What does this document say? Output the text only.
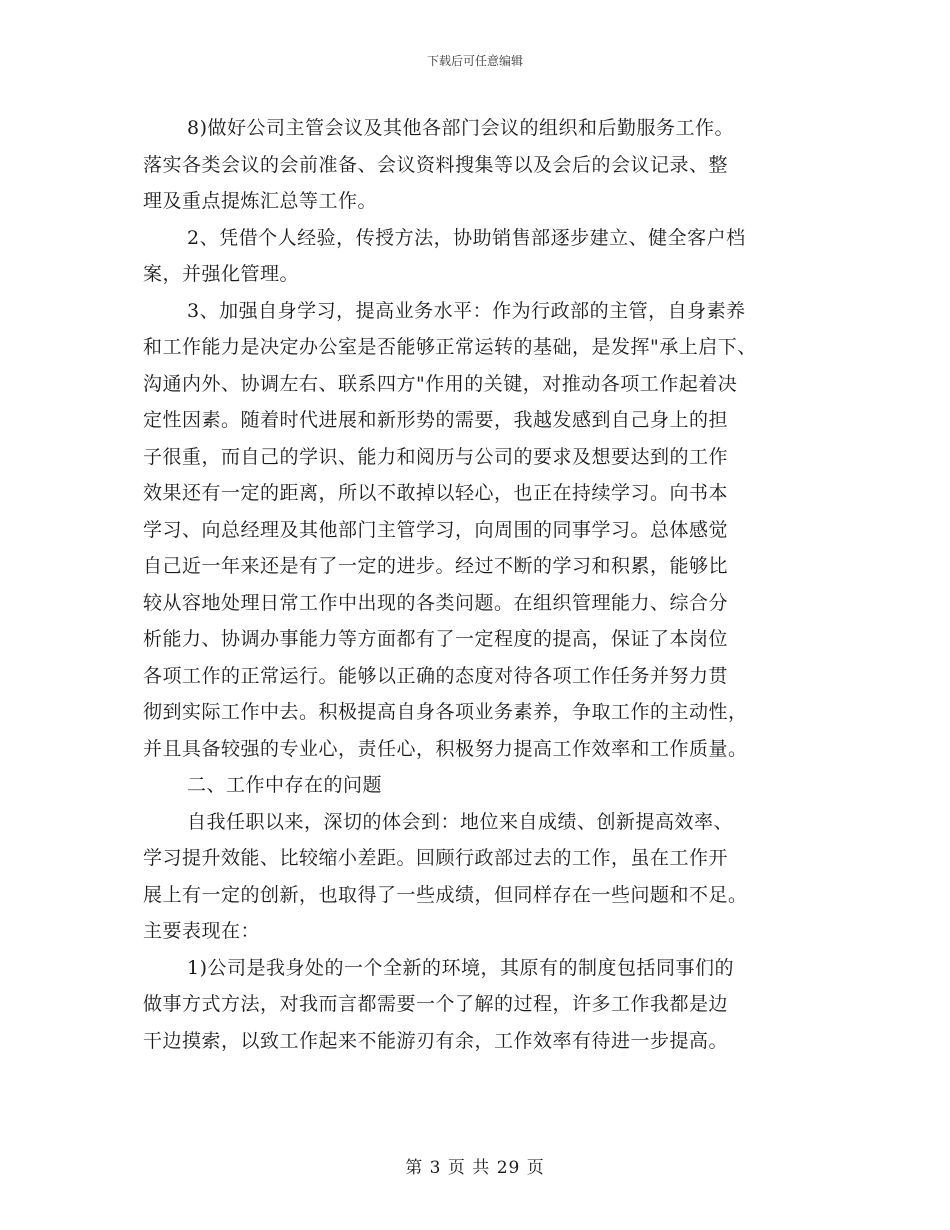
下载后可任意编辑
8)做好公司主管会议及其他各部门会议的组织和后勤服务工作。
落实各类会议的会前准备、会议资料搜集等以及会后的会议记录、整
理及重点提炼汇总等工作。
2、凭借个人经验，传授方法，协助销售部逐步建立、健全客户档
案，并强化管理。
3、加强自身学习，提高业务水平：作为行政部的主管，自身素养
和工作能力是决定办公室是否能够正常运转的基础，是发挥"承上启下、
沟通内外、协调左右、联系四方"作用的关键，对推动各项工作起着决
定性因素。随着时代进展和新形势的需要，我越发感到自己身上的担
子很重，而自己的学识、能力和阅历与公司的要求及想要达到的工作
效果还有一定的距离，所以不敢掉以轻心，也正在持续学习。向书本
学习、向总经理及其他部门主管学习，向周围的同事学习。总体感觉
自己近一年来还是有了一定的进步。经过不断的学习和积累，能够比
较从容地处理日常工作中出现的各类问题。在组织管理能力、综合分
析能力、协调办事能力等方面都有了一定程度的提高，保证了本岗位
各项工作的正常运行。能够以正确的态度对待各项工作任务并努力贯
彻到实际工作中去。积极提高自身各项业务素养，争取工作的主动性，
并且具备较强的专业心，责任心，积极努力提高工作效率和工作质量。
二、工作中存在的问题
自我任职以来，深切的体会到：地位来自成绩、创新提高效率、
学习提升效能、比较缩小差距。回顾行政部过去的工作，虽在工作开
展上有一定的创新，也取得了一些成绩，但同样存在一些问题和不足。
主要表现在：
1)公司是我身处的一个全新的环境，其原有的制度包括同事们的
做事方式方法，对我而言都需要一个了解的过程，许多工作我都是边
干边摸索，以致工作起来不能游刃有余，工作效率有待进一步提高。
第 3 页 共 29 页
